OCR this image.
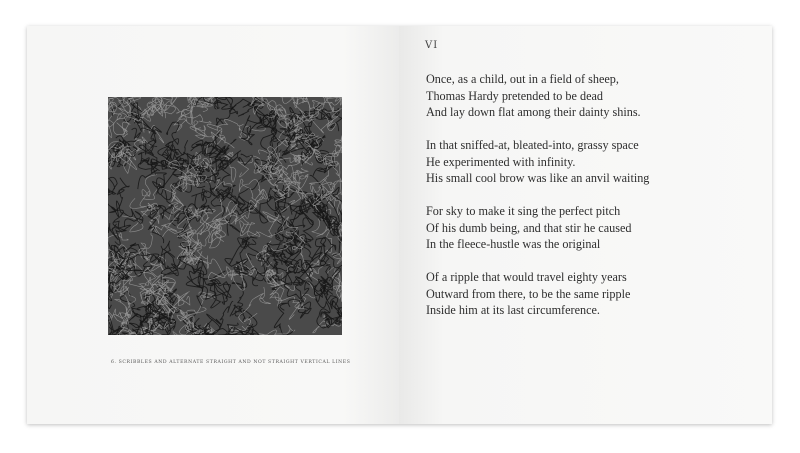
6. SCRIBBLES AND ALTERNATE STRAIGHT AND NOT STRAIGHT VERTICAL LINES
VI
Once, as a child, out in a field of sheep,
Thomas Hardy pretended to be dead
And lay down flat among their dainty shins.
In that sniffed-at, bleated-into, grassy space
He experimented with infinity.
His small cool brow was like an anvil waiting
For sky to make it sing the perfect pitch
Of his dumb being, and that stir he caused
In the fleece-hustle was the original
Of a ripple that would travel eighty years
Outward from there, to be the same ripple
Inside him at its last circumference.
